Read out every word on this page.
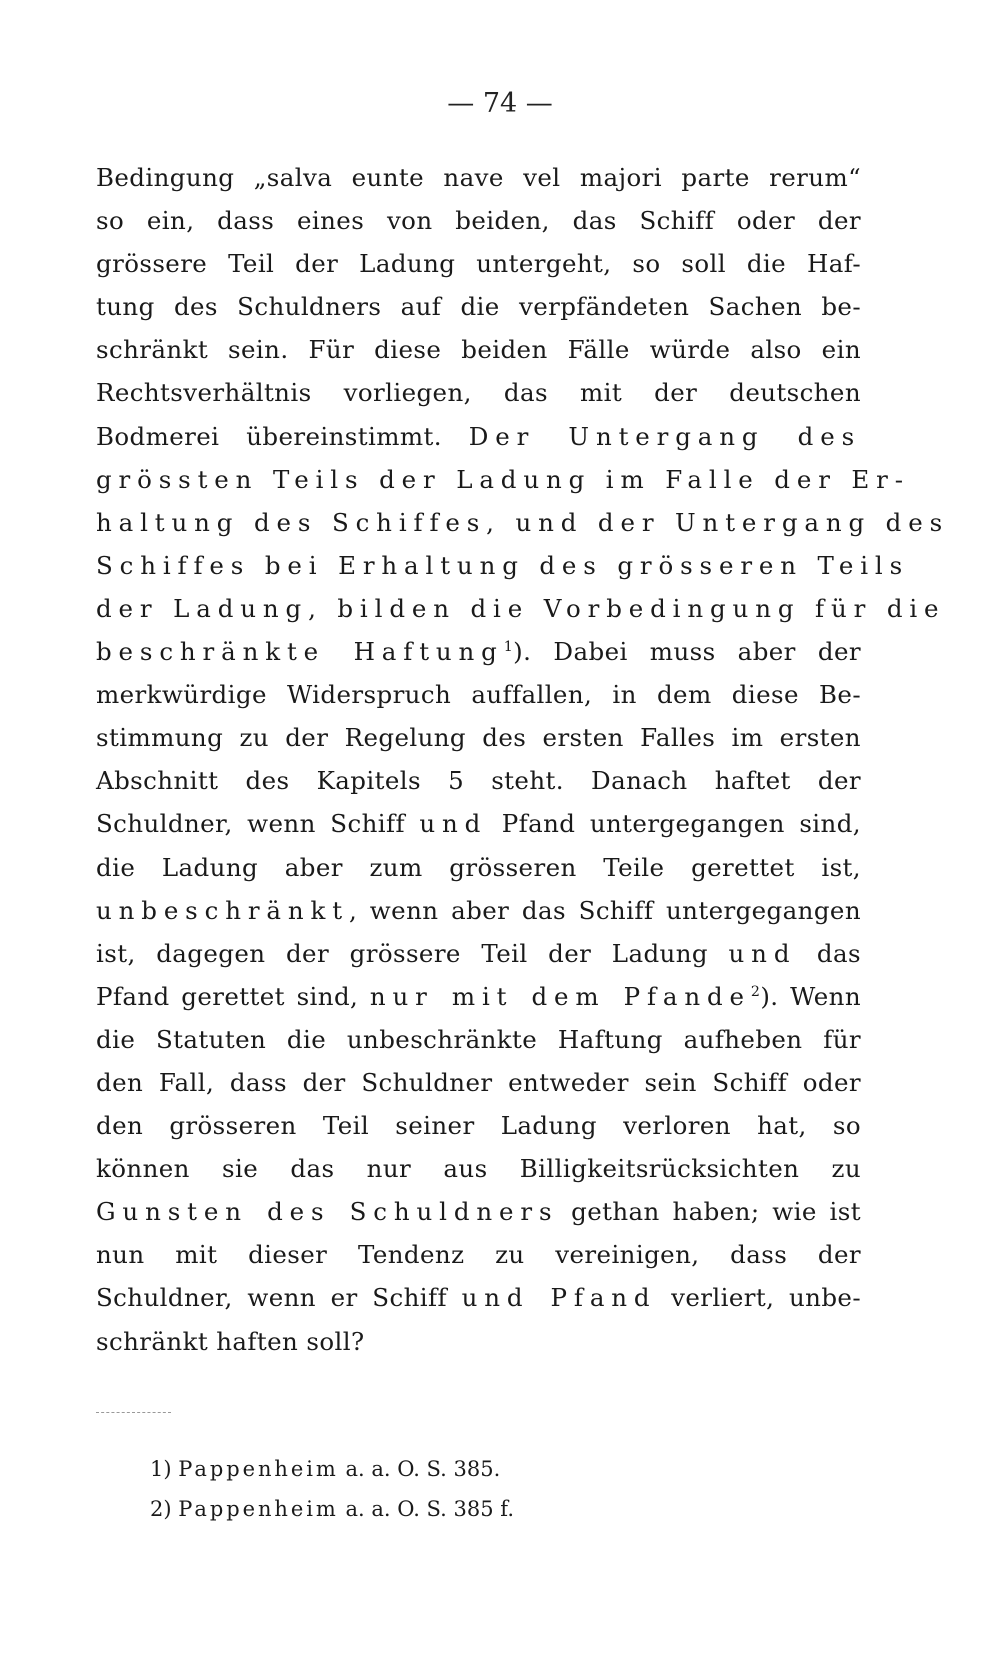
— 74 —
Bedingung „salva eunte nave vel majori parte rerum“
so ein, dass eines von beiden, das Schiff oder der
grössere Teil der Ladung untergeht, so soll die Haf-
tung des Schuldners auf die verpfändeten Sachen be-
schränkt sein. Für diese beiden Fälle würde also ein
Rechtsverhältnis vorliegen, das mit der deutschen
Bodmerei übereinstimmt. Der Untergang des
grössten Teils der Ladung im Falle der Er-
haltung des Schiffes, und der Untergang des
Schiffes bei Erhaltung des grösseren Teils
der Ladung, bilden die Vorbedingung für die
beschränkte Haftung$^1$). Dabei muss aber der
merkwürdige Widerspruch auffallen, in dem diese Be-
stimmung zu der Regelung des ersten Falles im ersten
Abschnitt des Kapitels 5 steht. Danach haftet der
Schuldner, wenn Schiff und Pfand untergegangen sind,
die Ladung aber zum grösseren Teile gerettet ist,
unbeschränkt, wenn aber das Schiff untergegangen
ist, dagegen der grössere Teil der Ladung und das
Pfand gerettet sind, nur mit dem Pfande$^2$). Wenn
die Statuten die unbeschränkte Haftung aufheben für
den Fall, dass der Schuldner entweder sein Schiff oder
den grösseren Teil seiner Ladung verloren hat, so
können sie das nur aus Billigkeitsrücksichten zu
Gunsten des Schuldners gethan haben; wie ist
nun mit dieser Tendenz zu vereinigen, dass der
Schuldner, wenn er Schiff und Pfand verliert, unbe-
schränkt haften soll?
1) Pappenheim a. a. O. S. 385.
2) Pappenheim a. a. O. S. 385 f.
